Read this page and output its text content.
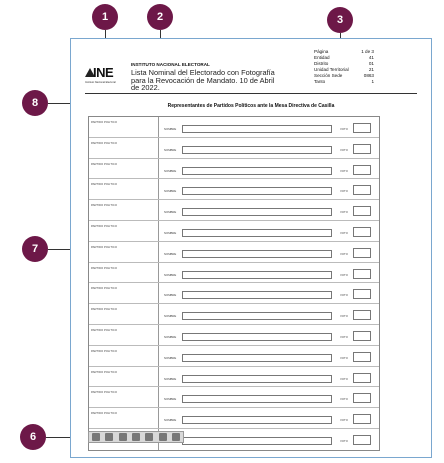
1	2	3
8
7
6
INE
Instituto Nacional Electoral
INSTITUTO NACIONAL ELECTORAL
Lista Nominal del Electorado con Fotografía para la Revocación de Mandato. 10 de Abril de 2022.
Página	1 de 3
Entidad	41
Distrito	01
Unidad Territorial	21
Sección Sede	0863
Tanto	1
Representantes de Partidos Políticos ante la Mesa Directiva de Casilla
PARTIDO POLITICO
NOMBRE	VOTO
PARTIDO POLITICO
NOMBRE	VOTO
PARTIDO POLITICO
NOMBRE	VOTO
PARTIDO POLITICO
NOMBRE	VOTO
PARTIDO POLITICO
NOMBRE	VOTO
PARTIDO POLITICO
NOMBRE	VOTO
PARTIDO POLITICO
NOMBRE	VOTO
PARTIDO POLITICO
NOMBRE	VOTO
PARTIDO POLITICO
NOMBRE	VOTO
PARTIDO POLITICO
NOMBRE	VOTO
PARTIDO POLITICO
NOMBRE	VOTO
PARTIDO POLITICO
NOMBRE	VOTO
PARTIDO POLITICO
NOMBRE	VOTO
PARTIDO POLITICO
NOMBRE	VOTO
PARTIDO POLITICO
NOMBRE	VOTO
VOTO
